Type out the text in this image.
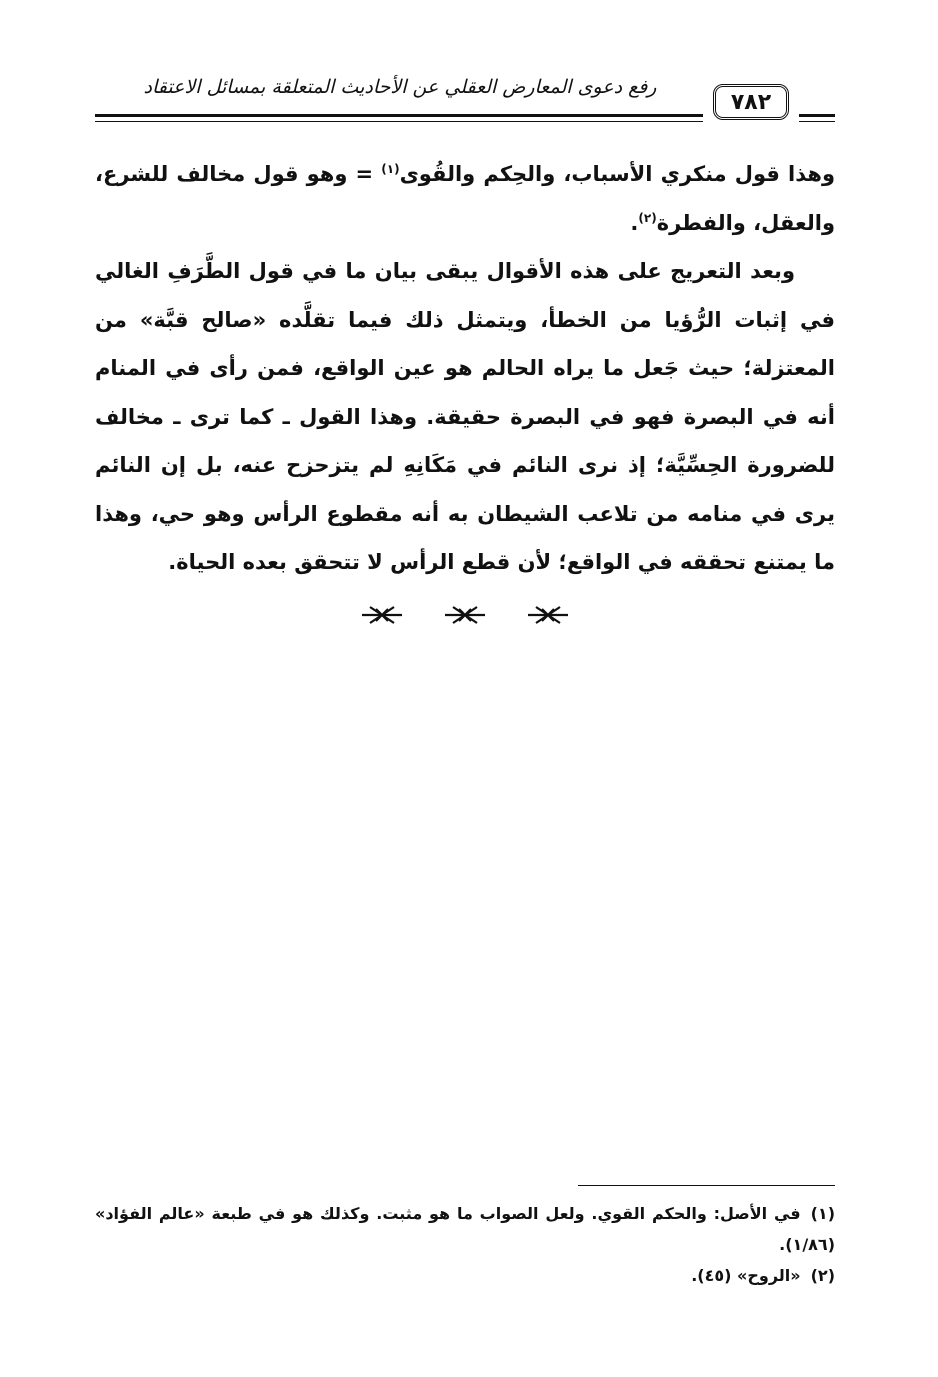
رفع دعوى المعارض العقلي عن الأحاديث المتعلقة بمسائل الاعتقاد
٧٨٢

وهذا قول منكري الأسباب، والحِكم والقُوى$^{(١)}$ = وهو قول مخالف للشرع، والعقل، والفطرة$^{(٢)}$.

وبعد التعريج على هذه الأقوال يبقى بيان ما في قول الطَّرَفِ الغالي في إثبات الرُّؤيا من الخطأ، ويتمثل ذلك فيما تقلَّده «صالح قبَّة» من المعتزلة؛ حيث جَعل ما يراه الحالم هو عين الواقع، فمن رأى في المنام أنه في البصرة فهو في البصرة حقيقة. وهذا القول ـ كما ترى ـ مخالف للضرورة الحِسِّيَّة؛ إذ نرى النائم في مَكَانِهِ لم يتزحزح عنه، بل إن النائم يرى في منامه من تلاعب الشيطان به أنه مقطوع الرأس وهو حي، وهذا ما يمتنع تحققه في الواقع؛ لأن قطع الرأس لا تتحقق بعده الحياة.

(١)في الأصل: والحكم القوي. ولعل الصواب ما هو مثبت. وكذلك هو في طبعة «عالم الفؤاد» (١/٨٦).

(٢)«الروح» (٤٥).
